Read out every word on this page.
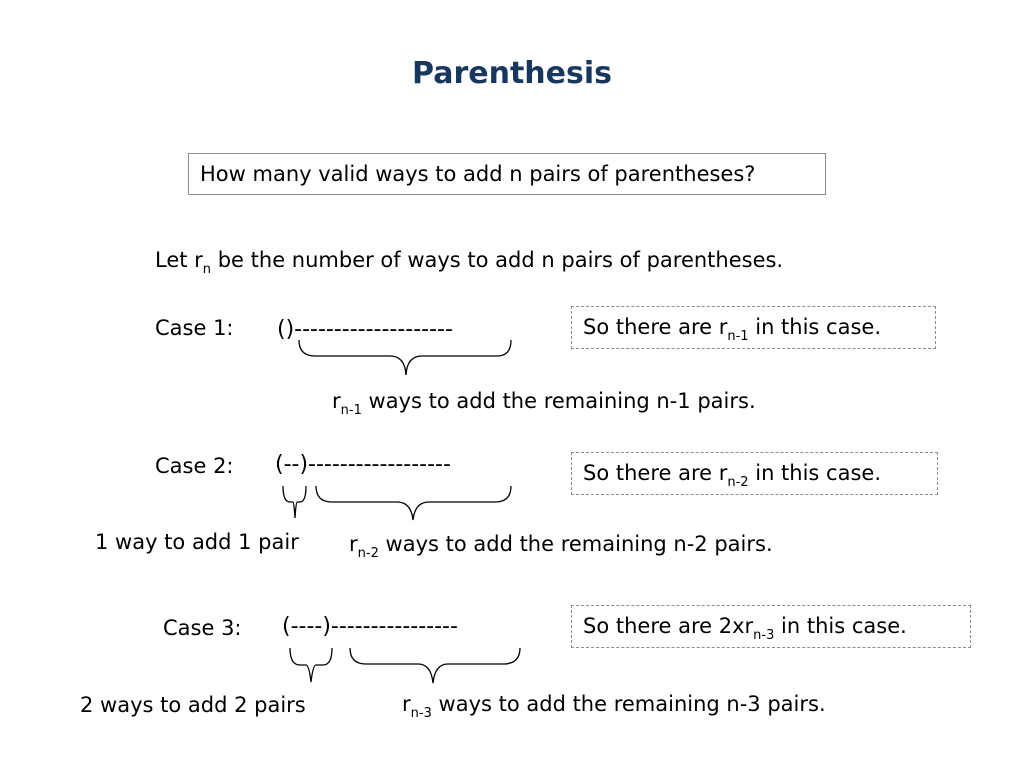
Parenthesis
How many valid ways to add n pairs of parentheses?
Let $r_n$ be the number of ways to add n pairs of parentheses.
Case 1: ()--------------------	So there are $r_{n-1}$ in this case.
$r_{n-1}$ ways to add the remaining n-1 pairs.
Case 2: (--)------------------	So there are $r_{n-2}$ in this case.
1 way to add 1 pair $r_{n-2}$ ways to add the remaining n-2 pairs.
Case 3: (----)----------------	So there are $2xr_{n-3}$ in this case.
2 ways to add 2 pairs	$r_{n-3}$ ways to add the remaining n-3 pairs.
